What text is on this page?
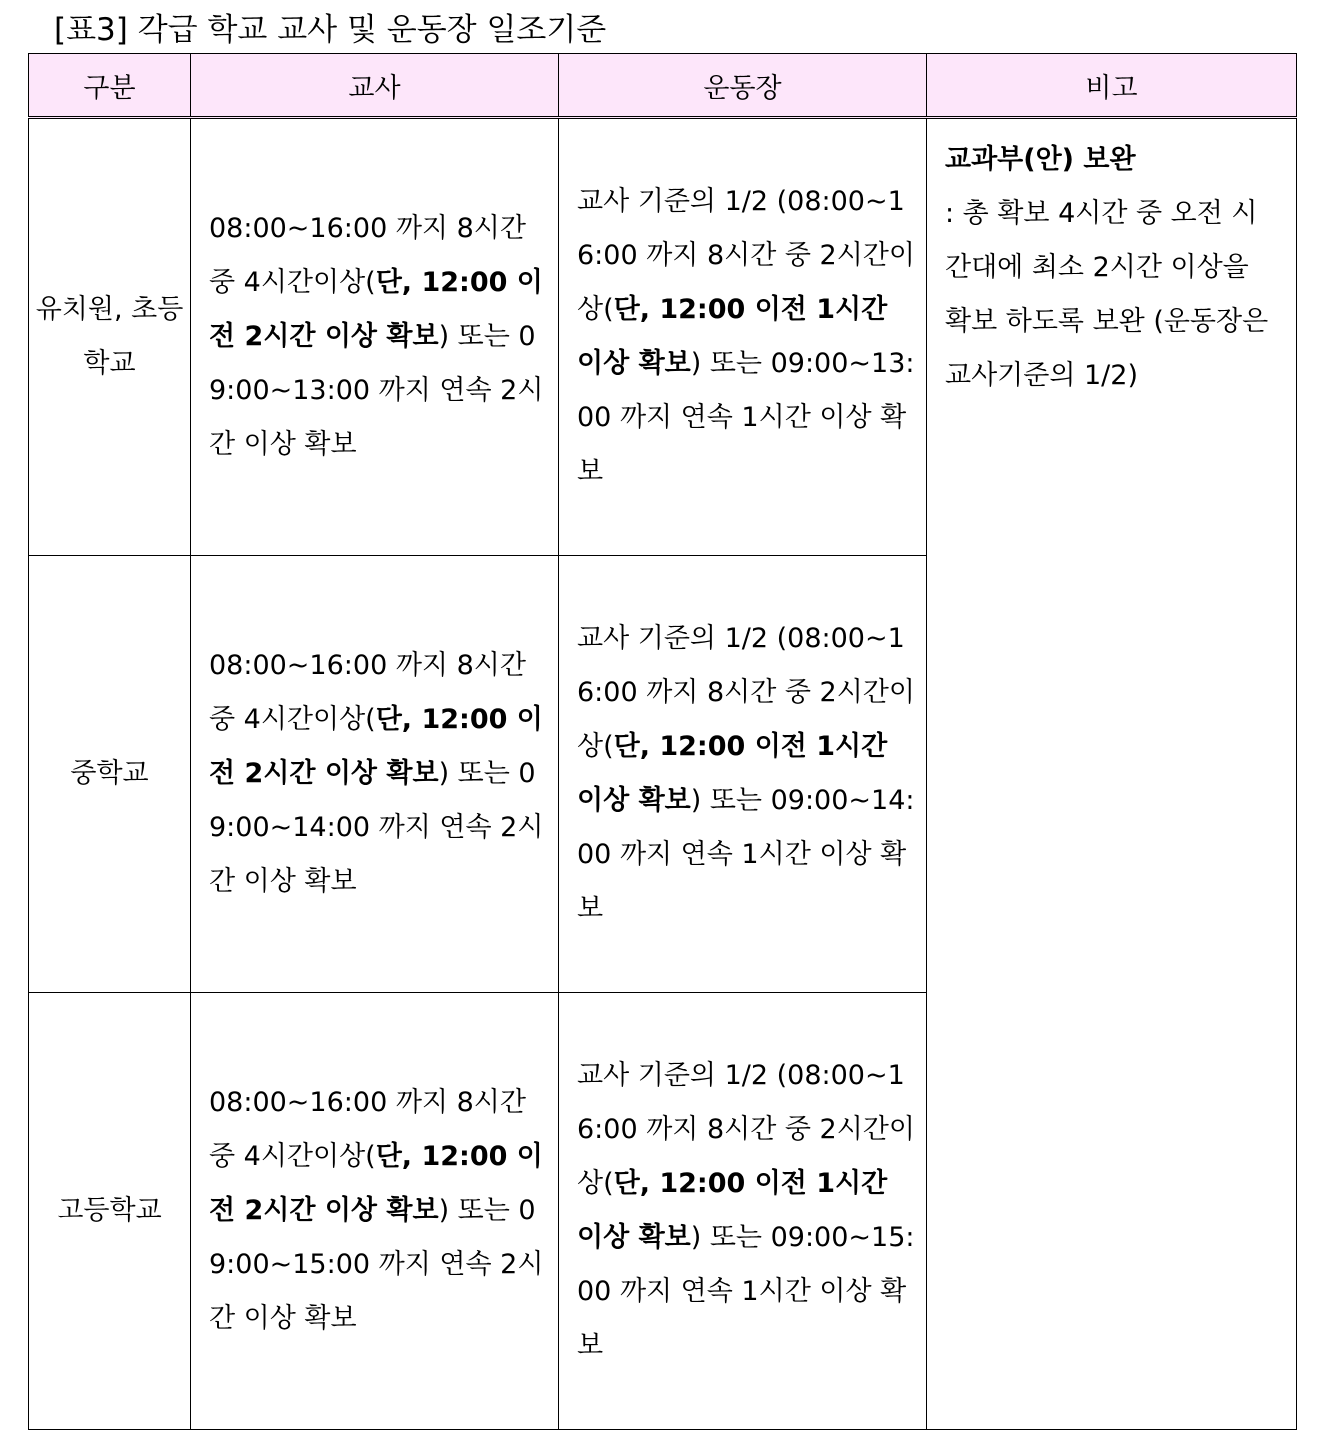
[표3] 각급 학교 교사 및 운동장 일조기준
구분	교사	운동장	비고
유치원, 초등학교	08:00~16:00 까지 8시간 중 4시간이상(단, 12:00 이전 2시간 이상 확보) 또는 09:00~13:00 까지 연속 2시간 이상 확보	교사 기준의 1/2 (08:00~16:00 까지 8시간 중 2시간이상(단, 12:00 이전 1시간 이상 확보) 또는 09:00~13:00 까지 연속 1시간 이상 확보	교과부(안) 보완
: 총 확보 4시간 중 오전 시간대에 최소 2시간 이상을 확보 하도록 보완 (운동장은 교사기준의 1/2)

중학교	08:00~16:00 까지 8시간 중 4시간이상(단, 12:00 이전 2시간 이상 확보) 또는 09:00~14:00 까지 연속 2시간 이상 확보	교사 기준의 1/2 (08:00~16:00 까지 8시간 중 2시간이상(단, 12:00 이전 1시간 이상 확보) 또는 09:00~14:00 까지 연속 1시간 이상 확보	
고등학교	08:00~16:00 까지 8시간 중 4시간이상(단, 12:00 이전 2시간 이상 확보) 또는 09:00~15:00 까지 연속 2시간 이상 확보	교사 기준의 1/2 (08:00~16:00 까지 8시간 중 2시간이상(단, 12:00 이전 1시간 이상 확보) 또는 09:00~15:00 까지 연속 1시간 이상 확보	
